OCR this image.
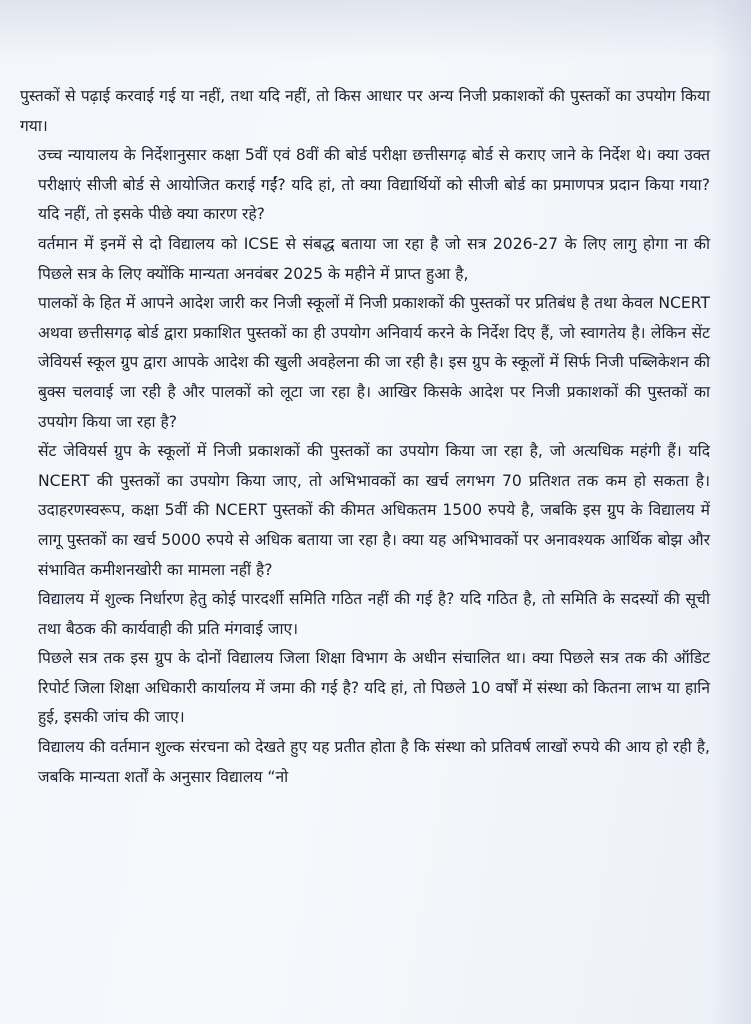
पुस्तकों से पढ़ाई करवाई गई या नहीं, तथा यदि नहीं, तो किस आधार पर अन्य निजी प्रकाशकों की पुस्तकों का उपयोग किया गया।

उच्च न्यायालय के निर्देशानुसार कक्षा 5वीं एवं 8वीं की बोर्ड परीक्षा छत्तीसगढ़ बोर्ड से कराए जाने के निर्देश थे। क्या उक्त परीक्षाएं सीजी बोर्ड से आयोजित कराई गईं? यदि हां, तो क्या विद्यार्थियों को सीजी बोर्ड का प्रमाणपत्र प्रदान किया गया? यदि नहीं, तो इसके पीछे क्या कारण रहे?

वर्तमान में इनमें से दो विद्यालय को ICSE से संबद्ध बताया जा रहा है जो सत्र 2026-27 के लिए लागु होगा ना की पिछले सत्र के लिए क्योंकि मान्यता अनवंबर 2025 के महीने में प्राप्त हुआ है,

पालकों के हित में आपने आदेश जारी कर निजी स्कूलों में निजी प्रकाशकों की पुस्तकों पर प्रतिबंध है तथा केवल NCERT अथवा छत्तीसगढ़ बोर्ड द्वारा प्रकाशित पुस्तकों का ही उपयोग अनिवार्य करने के निर्देश दिए हैं, जो स्वागतेय है। लेकिन सेंट जेवियर्स स्कूल ग्रुप द्वारा आपके आदेश की खुली अवहेलना की जा रही है। इस ग्रुप के स्कूलों में सिर्फ निजी पब्लिकेशन की बुक्स चलवाई जा रही है और पालकों को लूटा जा रहा है। आखिर किसके आदेश पर निजी प्रकाशकों की पुस्तकों का उपयोग किया जा रहा है?

सेंट जेवियर्स ग्रुप के स्कूलों में निजी प्रकाशकों की पुस्तकों का उपयोग किया जा रहा है, जो अत्यधिक महंगी हैं। यदि NCERT की पुस्तकों का उपयोग किया जाए, तो अभिभावकों का खर्च लगभग 70 प्रतिशत तक कम हो सकता है। उदाहरणस्वरूप, कक्षा 5वीं की NCERT पुस्तकों की कीमत अधिकतम 1500 रुपये है, जबकि इस ग्रुप के विद्यालय में लागू पुस्तकों का खर्च 5000 रुपये से अधिक बताया जा रहा है। क्या यह अभिभावकों पर अनावश्यक आर्थिक बोझ और संभावित कमीशनखोरी का मामला नहीं है?

विद्यालय में शुल्क निर्धारण हेतु कोई पारदर्शी समिति गठित नहीं की गई है? यदि गठित है, तो समिति के सदस्यों की सूची तथा बैठक की कार्यवाही की प्रति मंगवाई जाए।

पिछले सत्र तक इस ग्रुप के दोनों विद्यालय जिला शिक्षा विभाग के अधीन संचालित था। क्या पिछले सत्र तक की ऑडिट रिपोर्ट जिला शिक्षा अधिकारी कार्यालय में जमा की गई है? यदि हां, तो पिछले 10 वर्षों में संस्था को कितना लाभ या हानि हुई, इसकी जांच की जाए।

विद्यालय की वर्तमान शुल्क संरचना को देखते हुए यह प्रतीत होता है कि संस्था को प्रतिवर्ष लाखों रुपये की आय हो रही है, जबकि मान्यता शर्तों के अनुसार विद्यालय “नो
